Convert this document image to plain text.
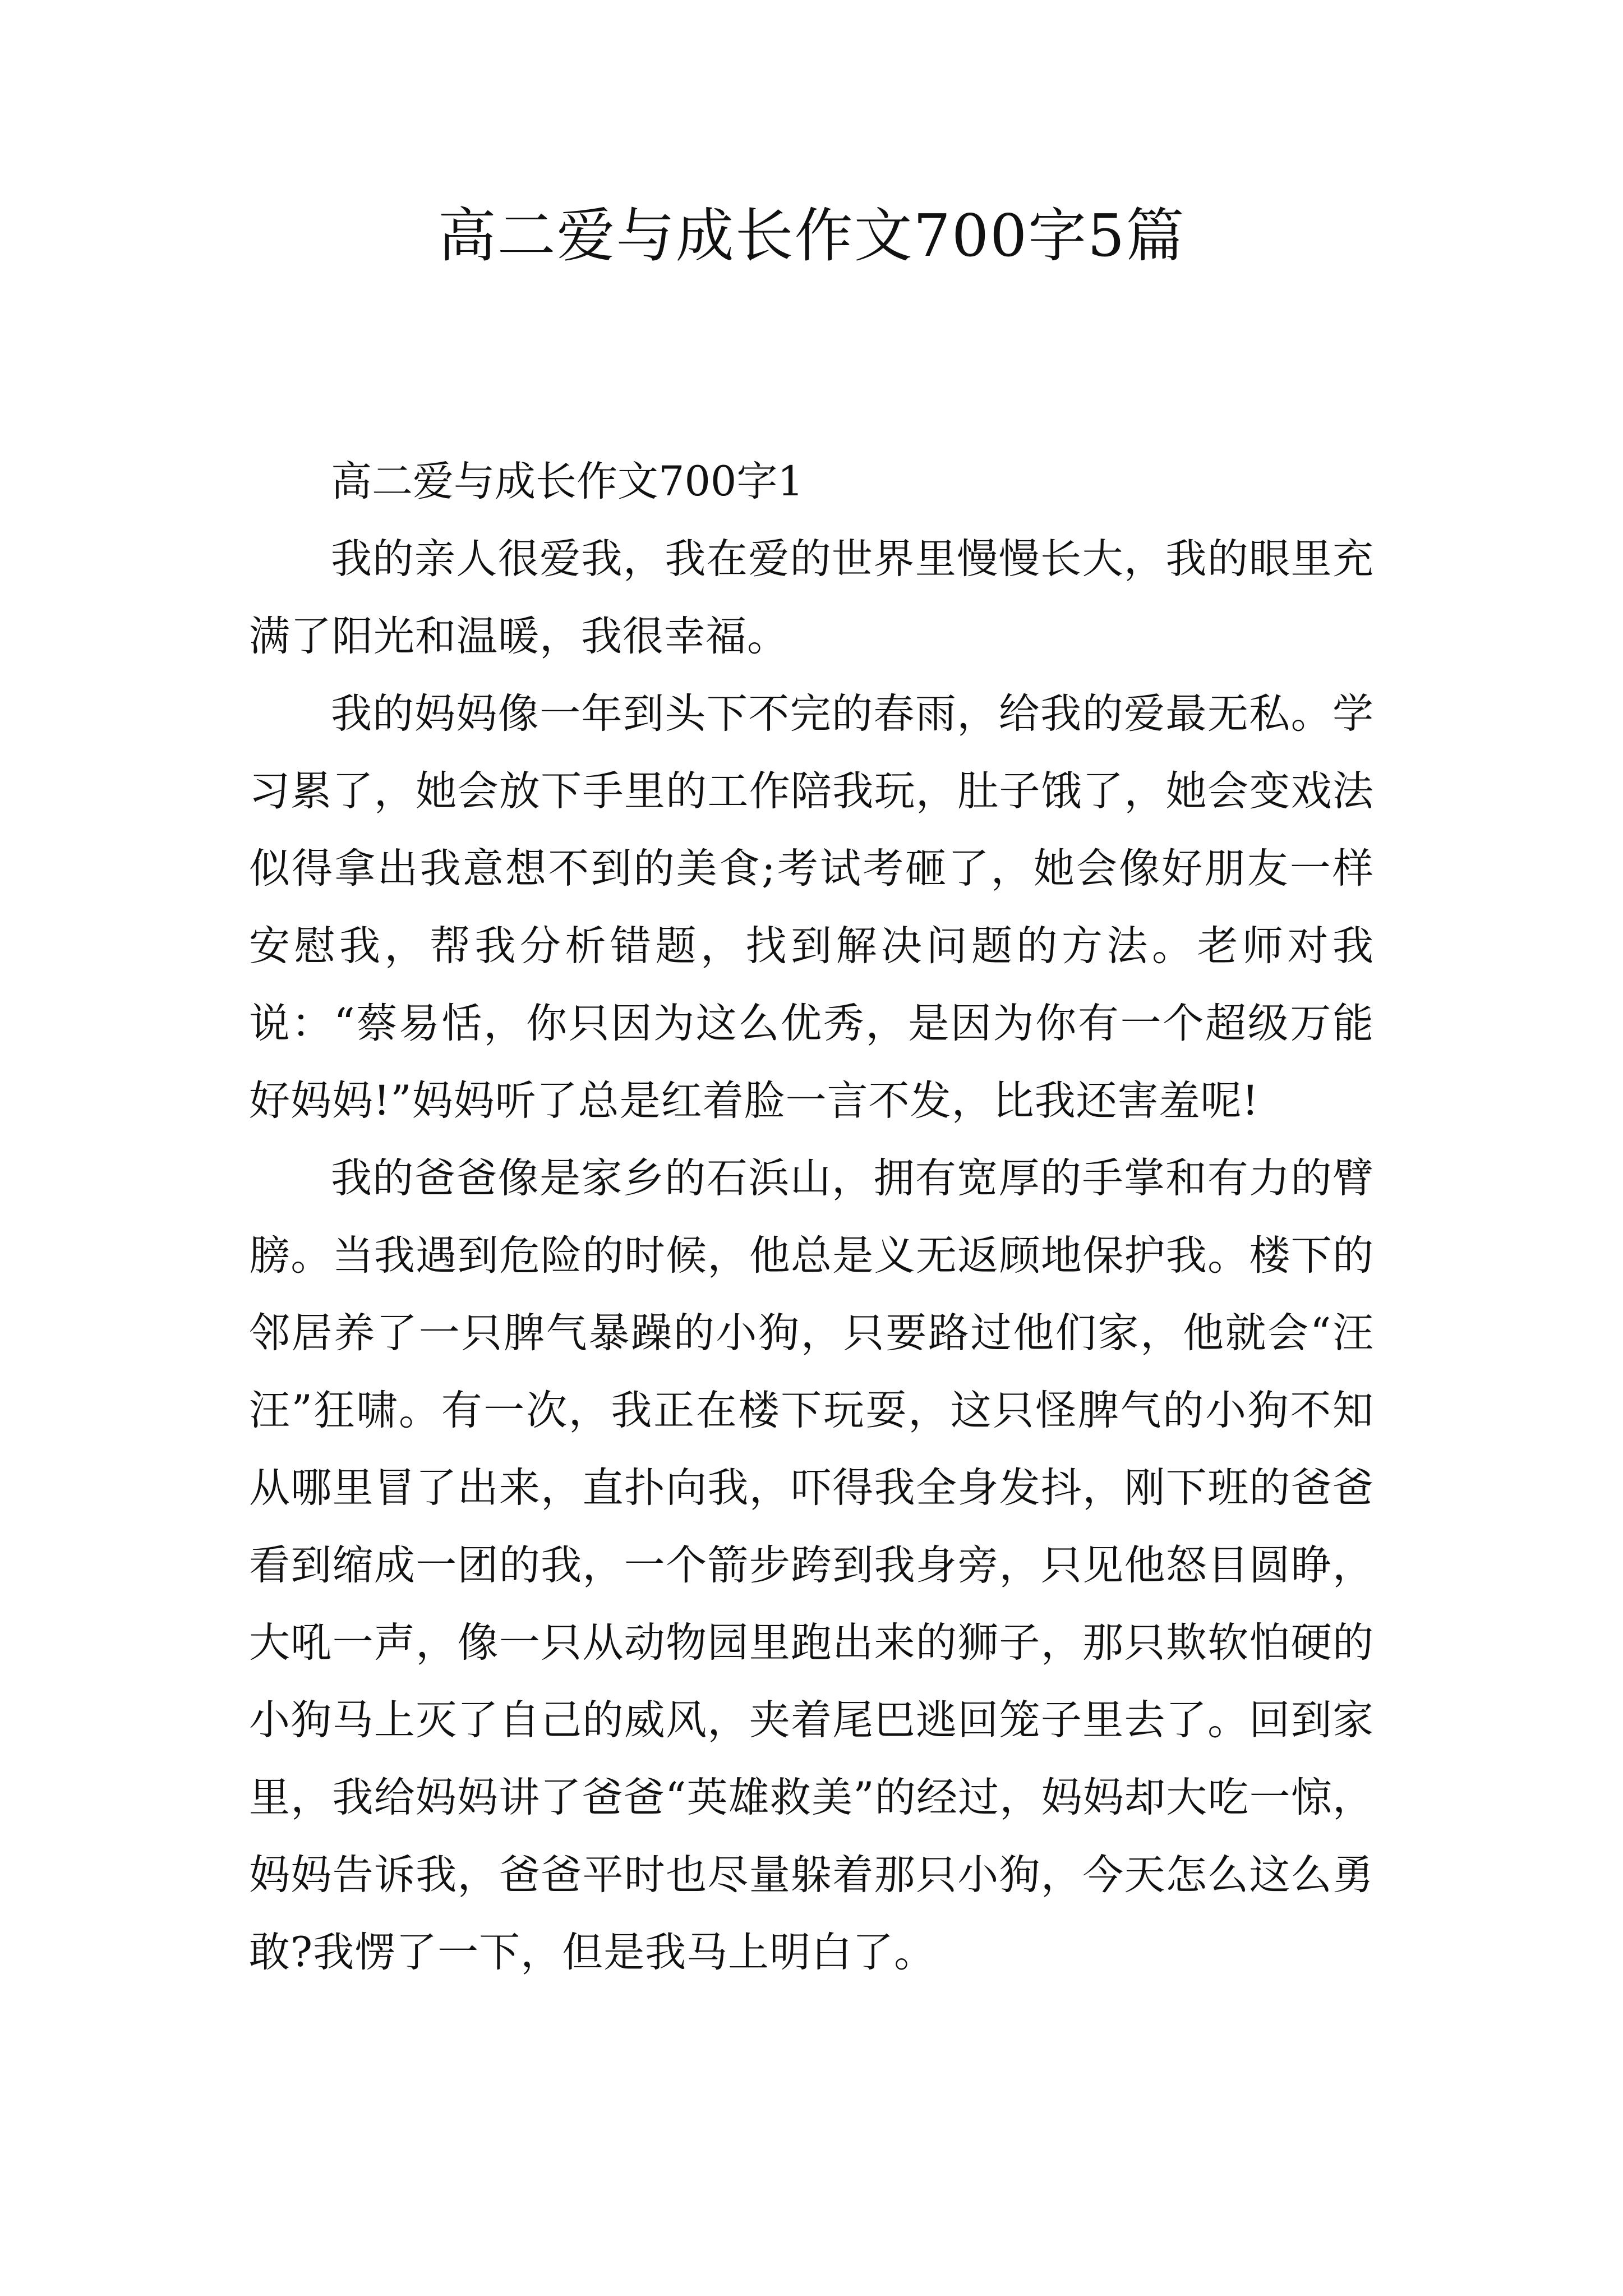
高二爱与成长作文700字5篇
高二爱与成长作文700字1

我的亲人很爱我，我在爱的世界里慢慢长大，我的眼里充满了阳光和温暖，我很幸福。

我的妈妈像一年到头下不完的春雨，给我的爱最无私。学习累了，她会放下手里的工作陪我玩，肚子饿了，她会变戏法似得拿出我意想不到的美食;考试考砸了，她会像好朋友一样安慰我，帮我分析错题，找到解决问题的方法。老师对我说：“蔡易恬，你只因为这么优秀，是因为你有一个超级万能好妈妈!”妈妈听了总是红着脸一言不发，比我还害羞呢!

我的爸爸像是家乡的石浜山，拥有宽厚的手掌和有力的臂膀。当我遇到危险的时候，他总是义无返顾地保护我。楼下的邻居养了一只脾气暴躁的小狗，只要路过他们家，他就会“汪汪”狂啸。有一次，我正在楼下玩耍，这只怪脾气的小狗不知从哪里冒了出来，直扑向我，吓得我全身发抖，刚下班的爸爸看到缩成一团的我，一个箭步跨到我身旁，只见他怒目圆睁，大吼一声，像一只从动物园里跑出来的狮子，那只欺软怕硬的小狗马上灭了自己的威风，夹着尾巴逃回笼子里去了。回到家里，我给妈妈讲了爸爸“英雄救美”的经过，妈妈却大吃一惊，妈妈告诉我，爸爸平时也尽量躲着那只小狗，今天怎么这么勇敢?我愣了一下，但是我马上明白了。
